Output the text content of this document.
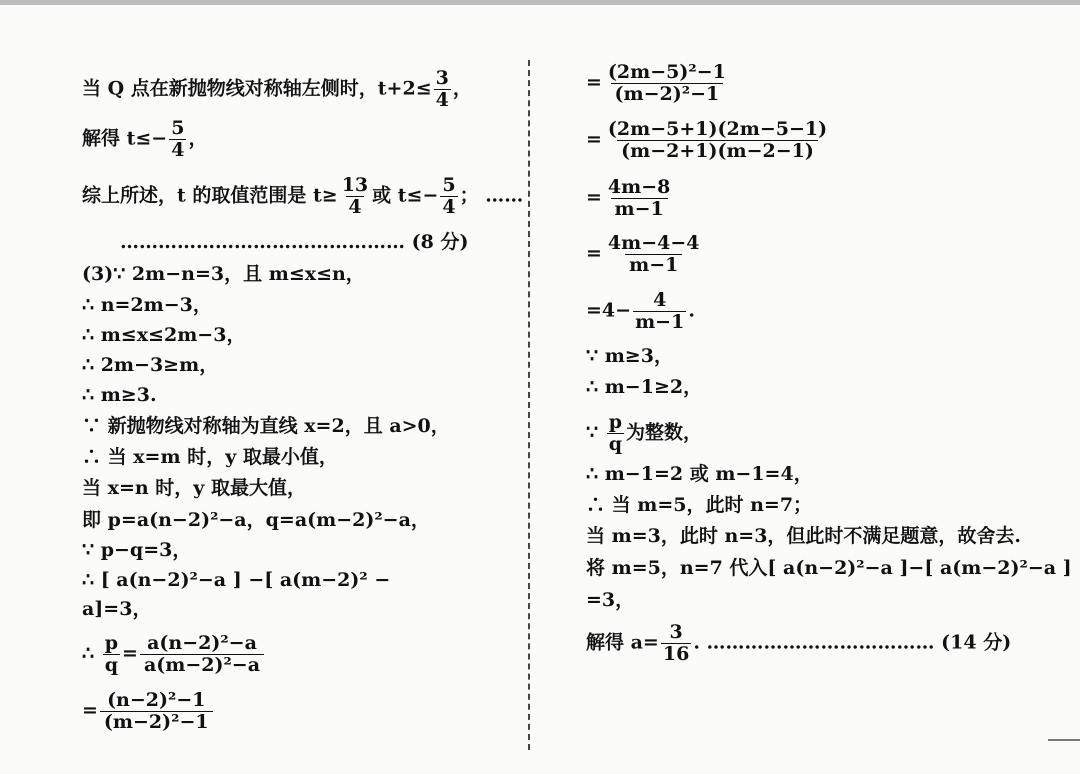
当 Q 点在新抛物线对称轴左侧时，$t+2\le \frac{3}{4}$ ，
解得 $t\le- \frac{5}{4}$ ，
综上所述，t 的取值范围是 $t\ge \frac{13}{4}$ 或 $t\le- \frac{5}{4}$ ； ……
……………………………………… (8 分)
(3)∵ 2m−n=3，且 m≤x≤n，
∴ n=2m−3，
∴ m≤x≤2m−3，
∴ 2m−3≥m，
∴ m≥3.
∵ 新抛物线对称轴为直线 x=2，且 a>0，
∴ 当 x=m 时，y 取最小值，
当 x=n 时，y 取最大值，
即 p=a(n−2)²−a，q=a(m−2)²−a，
∵ p−q=3，
∴ [ a(n−2)²−a ] −[ a(m−2)² −
a]=3，
∴ $\frac{p}{q} = \frac{\text{a(n−2)²−a}}{\text{a(m−2)²−a}}$
= $\frac{\text{(n−2)²−1}}{\text{(m−2)²−1}}$
= $\frac{\text{(2m−5)²−1}}{\text{(m−2)²−1}}$
= $\frac{(2m-5+1)(2m-5-1)}{(m-2+1)(m-2-1)}$
= $\frac{4m-8}{m-1}$
= $\frac{4m-4-4}{m-1}$
$=4- \frac{4}{m-1}$ .
∵ m≥3，
∴ m−1≥2，
∵ $\frac{p}{q}$ 为整数，
∴ m−1=2 或 m−1=4，
∴ 当 m=5，此时 n=7；
当 m=3，此时 n=3，但此时不满足题意，故舍去.
将 m=5，n=7 代入[ a(n−2)²−a ]−[ a(m−2)²−a ]
=3，
解得 $a= \frac{3}{16}$ . ……………………………… (14 分)
